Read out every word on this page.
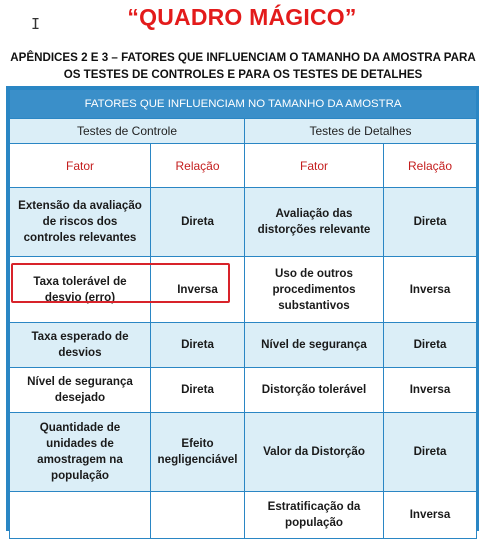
I	“QUADRO MÁGICO”
APÊNDICES 2 E 3 – FATORES QUE INFLUENCIAM O TAMANHO DA AMOSTRA PARA
OS TESTES DE CONTROLES E PARA OS TESTES DE DETALHES
FATORES QUE INFLUENCIAM NO TAMANHO DA AMOSTRA			
Testes de Controle		Testes de Detalhes	
Fator	Relação	Fator	Relação
Extensão da avaliação de riscos dos controles relevantes	Direta	Avaliação das distorções relevante	Direta
Taxa tolerável de desvio (erro)	Inversa	Uso de outros procedimentos substantivos	Inversa
Taxa esperado de desvios	Direta	Nível de segurança	Direta
Nível de segurança desejado	Direta	Distorção tolerável	Inversa
Quantidade de unidades de amostragem na população	Efeito negligenciável	Valor da Distorção	Direta
		Estratificação da população	Inversa
